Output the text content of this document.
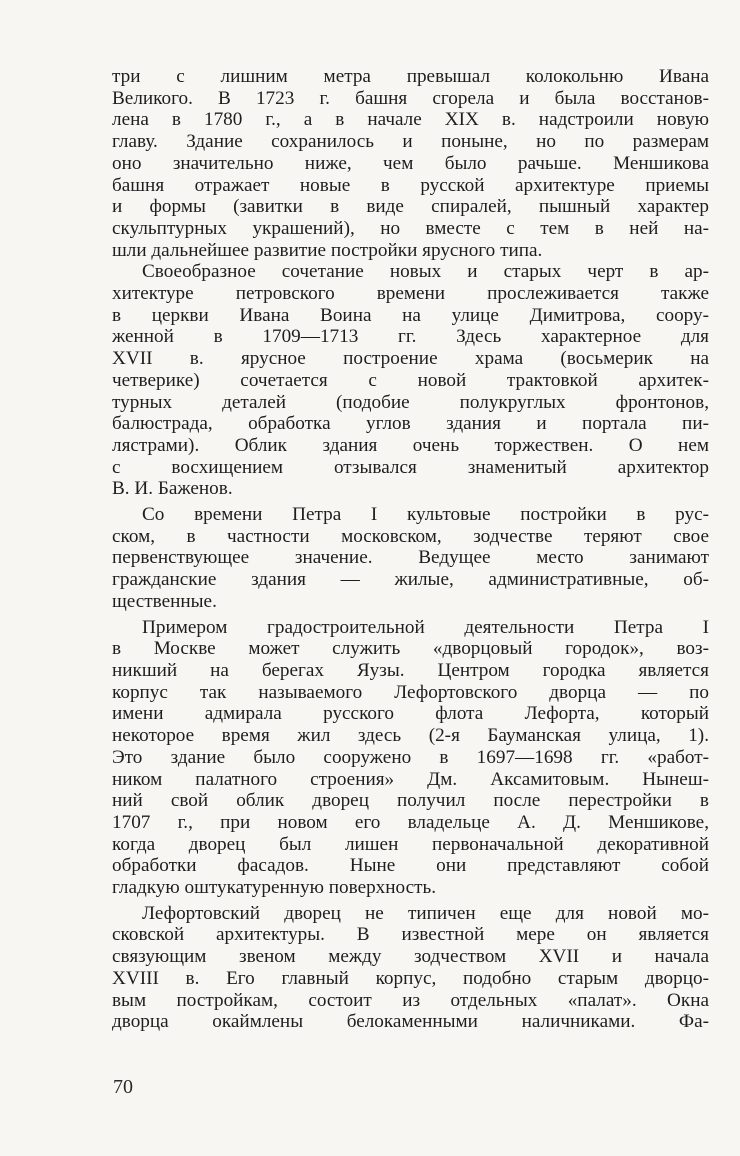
три с лишним метра превышал колокольню Ивана
Великого. В 1723 г. башня сгорела и была восстанов-
лена в 1780 г., а в начале XIX в. надстроили новую
главу. Здание сохранилось и поныне, но по размерам
оно значительно ниже, чем было рачьше. Меншикова
башня отражает новые в русской архитектуре приемы
и формы (завитки в виде спиралей, пышный характер
скульптурных украшений), но вместе с тем в ней на-
шли дальнейшее развитие постройки ярусного типа.
Своеобразное сочетание новых и старых черт в ар-
хитектуре петровского времени прослеживается также
в церкви Ивана Воина на улице Димитрова, соору-
женной в 1709—1713 гг. Здесь характерное для
XVII в. ярусное построение храма (восьмерик на
четверике) сочетается с новой трактовкой архитек-
турных деталей (подобие полукруглых фронтонов,
балюстрада, обработка углов здания и портала пи-
лястрами). Облик здания очень торжествен. О нем
с восхищением отзывался знаменитый архитектор
В. И. Баженов.
Со времени Петра I культовые постройки в рус-
ском, в частности московском, зодчестве теряют свое
первенствующее значение. Ведущее место занимают
гражданские здания — жилые, административные, об-
щественные.
Примером градостроительной деятельности Петра I
в Москве может служить «дворцовый городок», воз-
никший на берегах Яузы. Центром городка является
корпус так называемого Лефортовского дворца — по
имени адмирала русского флота Лефорта, который
некоторое время жил здесь (2-я Бауманская улица, 1).
Это здание было сооружено в 1697—1698 гг. «работ-
ником палатного строения» Дм. Аксамитовым. Нынеш-
ний свой облик дворец получил после перестройки в
1707 г., при новом его владельце А. Д. Меншикове,
когда дворец был лишен первоначальной декоративной
обработки фасадов. Ныне они представляют собой
гладкую оштукатуренную поверхность.
Лефортовский дворец не типичен еще для новой мо-
сковской архитектуры. В известной мере он является
связующим звеном между зодчеством XVII и начала
XVIII в. Его главный корпус, подобно старым дворцо-
вым постройкам, состоит из отдельных «палат». Окна
дворца окаймлены белокаменными наличниками. Фа-
70
